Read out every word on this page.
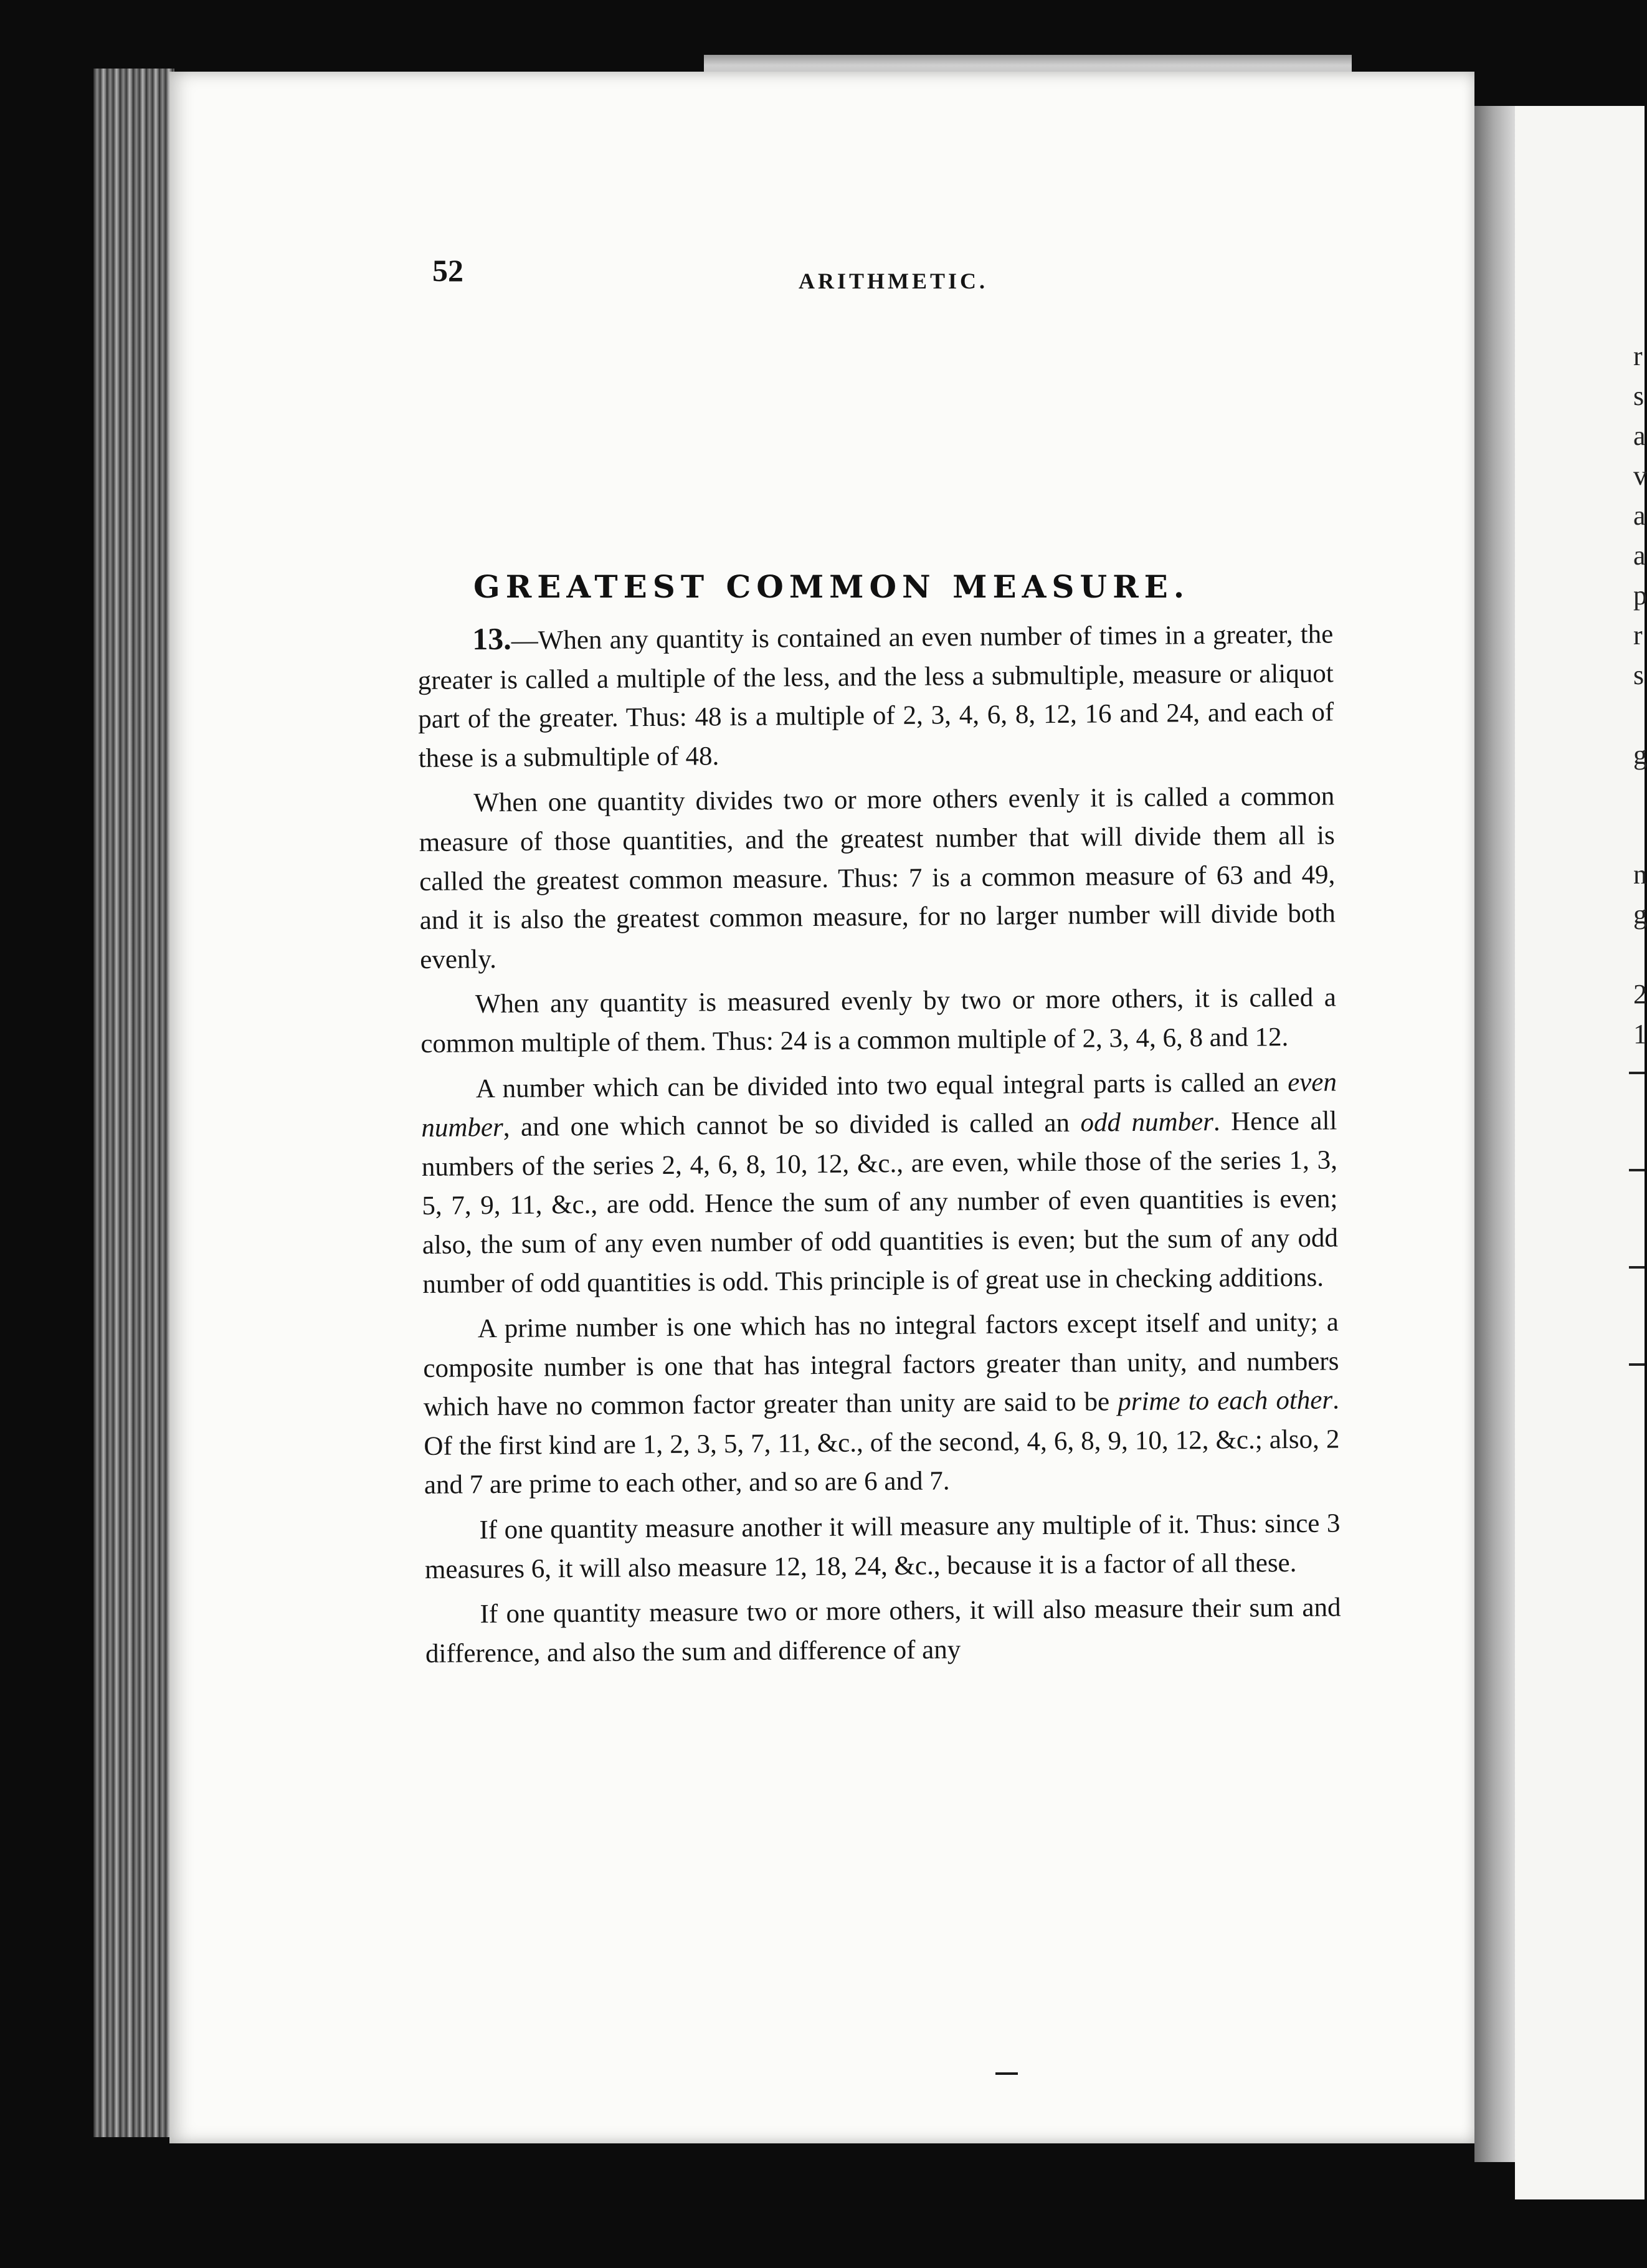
r
s
a
v
a
a
p
r
s
g
n
g
2
1
52	ARITHMETIC.
GREATEST COMMON MEASURE.

13.—When any quantity is contained an even number of times in a greater, the greater is called a multiple of the less, and the less a submultiple, measure or aliquot part of the greater. Thus: 48 is a multiple of 2, 3, 4, 6, 8, 12, 16 and 24, and each of these is a submultiple of 48.

When one quantity divides two or more others evenly it is called a common measure of those quantities, and the greatest number that will divide them all is called the greatest common measure. Thus: 7 is a common measure of 63 and 49, and it is also the greatest common measure, for no larger number will divide both evenly.

When any quantity is measured evenly by two or more others, it is called a common multiple of them. Thus: 24 is a common multiple of 2, 3, 4, 6, 8 and 12.

A number which can be divided into two equal integral parts is called an even number, and one which cannot be so divided is called an odd number. Hence all numbers of the series 2, 4, 6, 8, 10, 12, &c., are even, while those of the series 1, 3, 5, 7, 9, 11, &c., are odd. Hence the sum of any number of even quantities is even; also, the sum of any even number of odd quantities is even; but the sum of any odd number of odd quantities is odd. This principle is of great use in checking additions.

A prime number is one which has no integral factors except itself and unity; a composite number is one that has integral factors greater than unity, and numbers which have no common factor greater than unity are said to be prime to each other. Of the first kind are 1, 2, 3, 5, 7, 11, &c., of the second, 4, 6, 8, 9, 10, 12, &c.; also, 2 and 7 are prime to each other, and so are 6 and 7.

If one quantity measure another it will measure any multiple of it. Thus: since 3 measures 6, it will also measure 12, 18, 24, &c., because it is a factor of all these.

If one quantity measure two or more others, it will also measure their sum and difference, and also the sum and difference of any
